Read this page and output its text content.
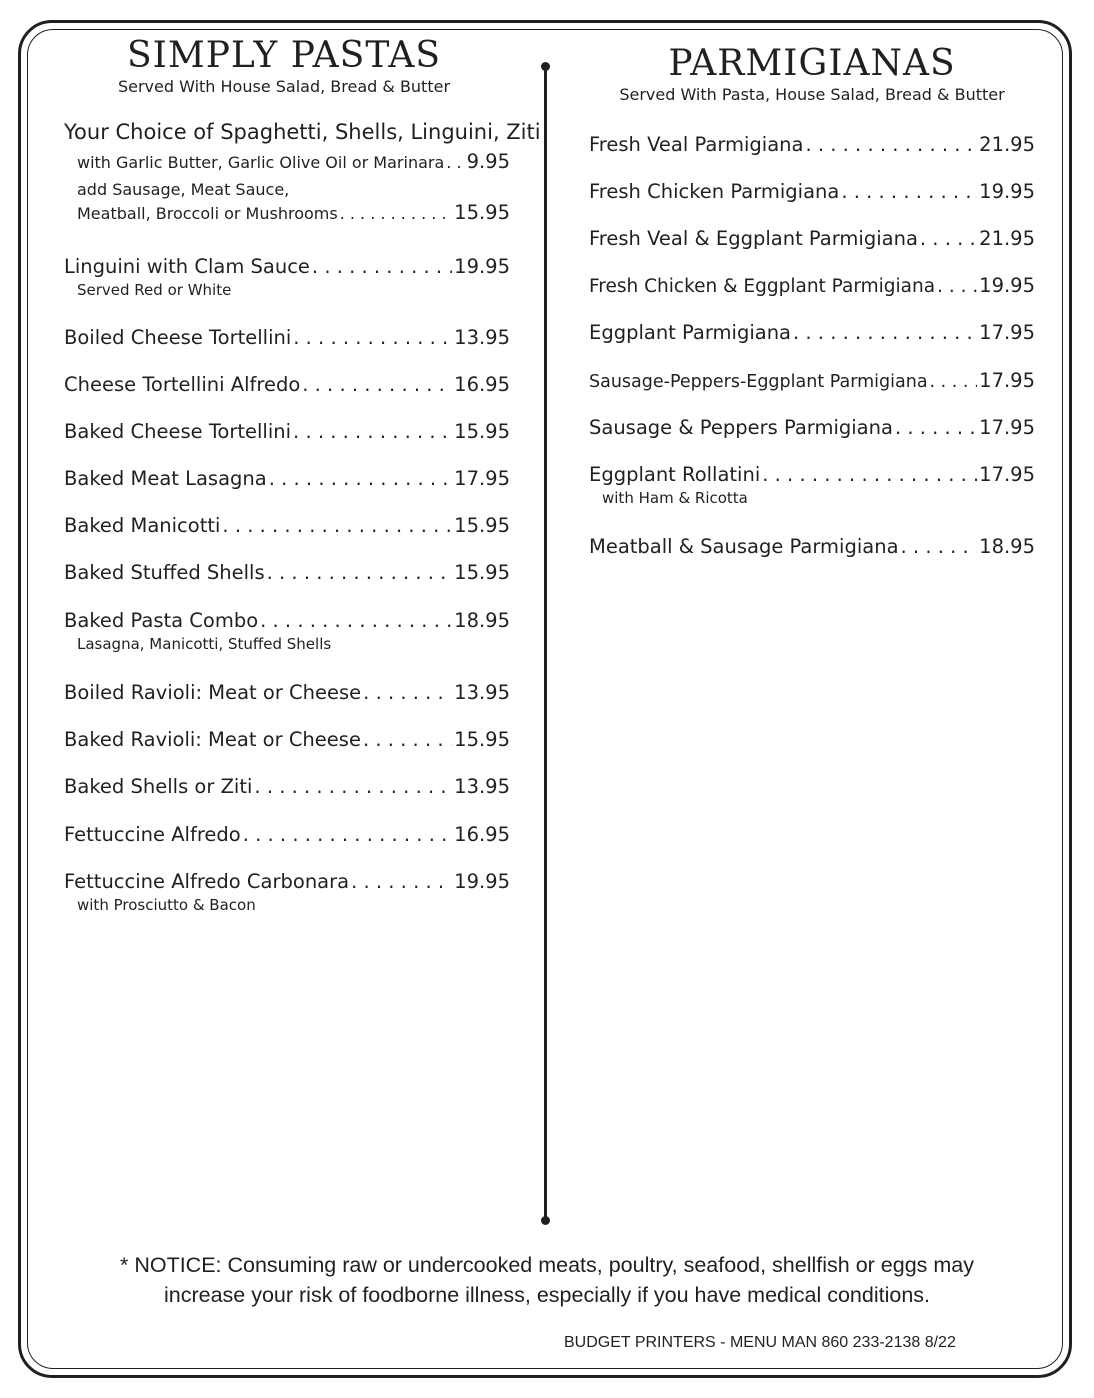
SIMPLY PASTAS

Served With House Salad, Bread & Butter

Your Choice of Spaghetti, Shells, Linguini, Ziti
with Garlic Butter, Garlic Olive Oil or Marinara . . . 9.95
add Sausage, Meat Sauce,
Meatball, Broccoli or Mushrooms . . .	15.95
Linguini with Clam Sauce . . .	19.95
Served Red or White
Boiled Cheese Tortellini . . .	13.95
Cheese Tortellini Alfredo . . .	16.95
Baked Cheese Tortellini . . .	15.95
Baked Meat Lasagna . . .	17.95
Baked Manicotti . . .	15.95
Baked Stuffed Shells . . .	15.95
Baked Pasta Combo . . .	18.95
Lasagna, Manicotti, Stuffed Shells
Boiled Ravioli: Meat or Cheese . . .	13.95
Baked Ravioli: Meat or Cheese . . .	15.95
Baked Shells or Ziti . . .	13.95
Fettuccine Alfredo . . .	16.95
Fettuccine Alfredo Carbonara . . .	19.95
with Prosciutto & Bacon
PARMIGIANAS

Served With Pasta, House Salad, Bread & Butter

Fresh Veal Parmigiana . . .	21.95
Fresh Chicken Parmigiana . . .	19.95
Fresh Veal & Eggplant Parmigiana . . .	21.95
Fresh Chicken & Eggplant Parmigiana . . . 19.95
Eggplant Parmigiana . . .	17.95
Sausage-Peppers-Eggplant Parmigiana . . .	17.95
Sausage & Peppers Parmigiana . . .	17.95
Eggplant Rollatini . . .	17.95
with Ham & Ricotta
Meatball & Sausage Parmigiana . . .	18.95
* NOTICE: Consuming raw or undercooked meats, poultry, seafood, shellfish or eggs may
increase your risk of foodborne illness, especially if you have medical conditions.
BUDGET PRINTERS - MENU MAN 860 233-2138 8/22
